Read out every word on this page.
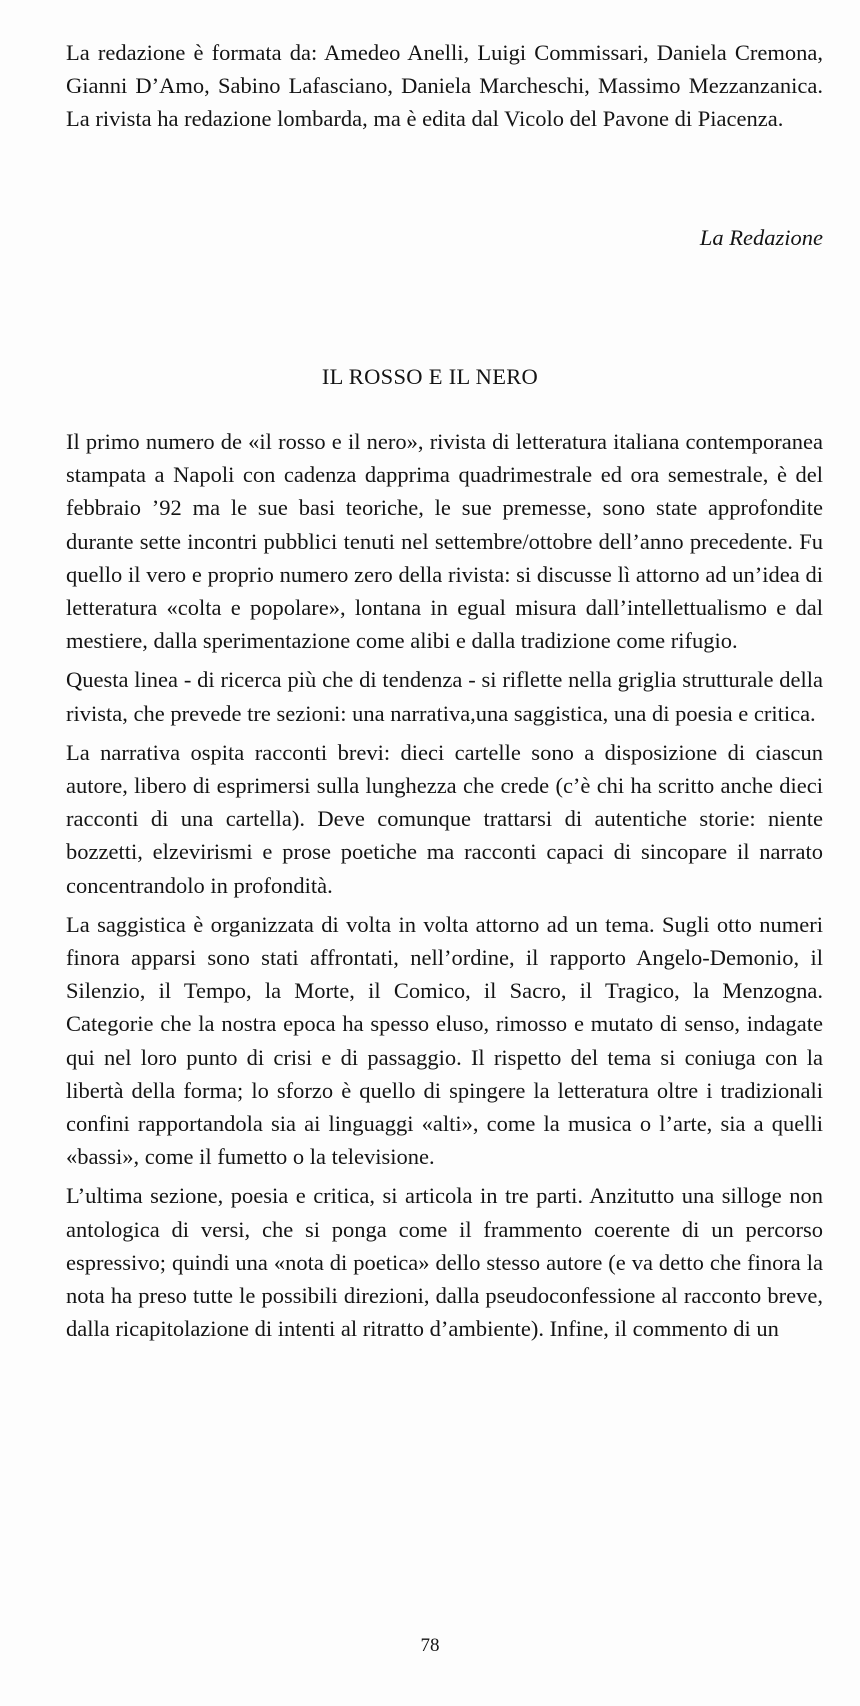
La redazione è formata da: Amedeo Anelli, Luigi Commissari, Daniela Cremona, Gianni D’Amo, Sabino Lafasciano, Daniela Marcheschi, Massimo Mezzanzanica. La rivista ha redazione lombarda, ma è edita dal Vicolo del Pavone di Piacenza.

La Redazione
IL ROSSO E IL NERO

Il primo numero de «il rosso e il nero», rivista di letteratura italiana contemporanea stampata a Napoli con cadenza dapprima quadrimestrale ed ora semestrale, è del febbraio ’92 ma le sue basi teoriche, le sue premesse, sono state approfondite durante sette incontri pubblici tenuti nel settembre/ottobre dell’anno precedente. Fu quello il vero e proprio numero zero della rivista: si discusse lì attorno ad un’idea di letteratura «colta e popolare», lontana in egual misura dall’intellettualismo e dal mestiere, dalla sperimentazione come alibi e dalla tradizione come rifugio.

Questa linea - di ricerca più che di tendenza - si riflette nella griglia strutturale della rivista, che prevede tre sezioni: una narrativa,una saggistica, una di poesia e critica.

La narrativa ospita racconti brevi: dieci cartelle sono a disposizione di ciascun autore, libero di esprimersi sulla lunghezza che crede (c’è chi ha scritto anche dieci racconti di una cartella). Deve comunque trattarsi di autentiche storie: niente bozzetti, elzevirismi e prose poetiche ma racconti capaci di sincopare il narrato concentrandolo in profondità.

La saggistica è organizzata di volta in volta attorno ad un tema. Sugli otto numeri finora apparsi sono stati affrontati, nell’ordine, il rapporto Angelo-Demonio, il Silenzio, il Tempo, la Morte, il Comico, il Sacro, il Tragico, la Menzogna. Categorie che la nostra epoca ha spesso eluso, rimosso e mutato di senso, indagate qui nel loro punto di crisi e di passaggio. Il rispetto del tema si coniuga con la libertà della forma; lo sforzo è quello di spingere la letteratura oltre i tradizionali confini rapportandola sia ai linguaggi «alti», come la musica o l’arte, sia a quelli «bassi», come il fumetto o la televisione.

L’ultima sezione, poesia e critica, si articola in tre parti. Anzitutto una silloge non antologica di versi, che si ponga come il frammento coerente di un percorso espressivo; quindi una «nota di poetica» dello stesso autore (e va detto che finora la nota ha preso tutte le possibili direzioni, dalla pseudoconfessione al racconto breve, dalla ricapitolazione di intenti al ritratto d’ambiente). Infine, il commento di un

78
